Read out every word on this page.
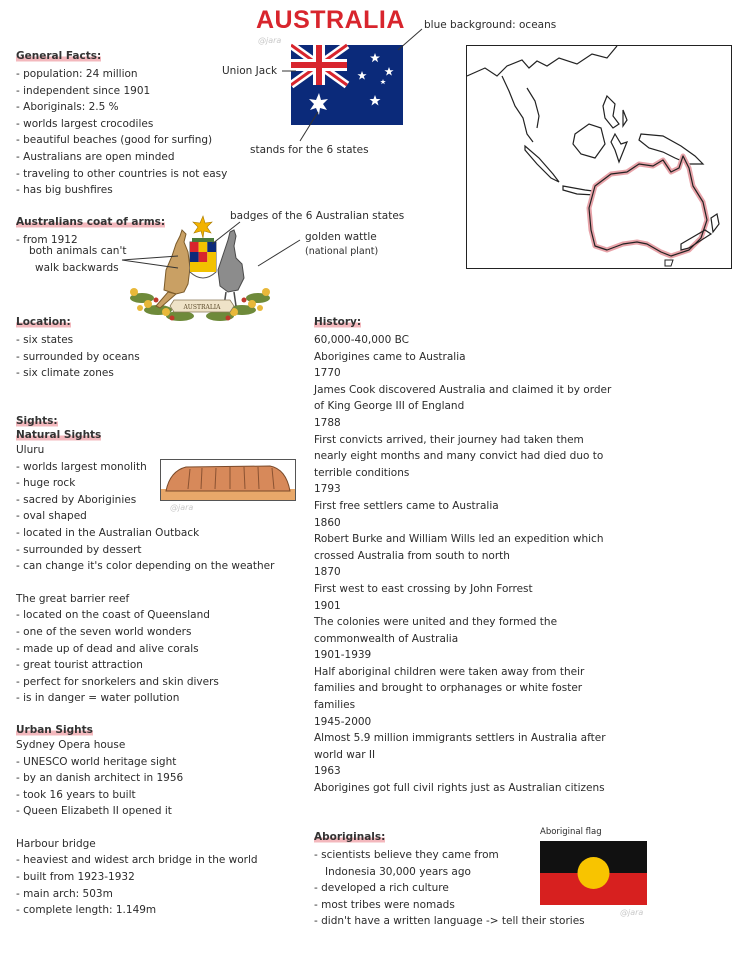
AUSTRALIA
@jara
Union Jack
blue background: oceans
stands for the 6 states
General Facts:
- population: 24 million
- independent since 1901
- Aboriginals: 2.5 %
- worlds largest crocodiles
- beautiful beaches (good for surfing)
- Australians are open minded
- traveling to other countries is not easy
- has big bushfires
Australians coat of arms:
- from 1912
both animals can't
walk backwards
badges of the 6 Australian states
golden wattle
(national plant)
AUSTRALIA
Location:
- six states
- surrounded by oceans
- six climate zones
Sights:
Natural Sights
Uluru
- worlds largest monolith
- huge rock
- sacred by Aboriginies
- oval shaped
- located in the Australian Outback
- surrounded by dessert
- can change it's color depending on the weather
The great barrier reef
- located on the coast of Queensland
- one of the seven world wonders
- made up of dead and alive corals
- great tourist attraction
- perfect for snorkelers and skin divers
- is in danger = water pollution
Urban Sights
Sydney Opera house
- UNESCO world heritage sight
- by an danish architect in 1956
- took 16 years to built
- Queen Elizabeth II opened it
Harbour bridge
- heaviest and widest arch bridge in the world
- built from 1923-1932
- main arch: 503m
- complete length: 1.149m
@jara
History:
60,000-40,000 BC
Aborigines came to Australia
1770
James Cook discovered Australia and claimed it by order of King George III of England
1788
First convicts arrived, their journey had taken them nearly eight months and many convict had died duo to terrible conditions
1793
First free settlers came to Australia
1860
Robert Burke and William Wills led an expedition which crossed Australia from south to north
1870
First west to east crossing by John Forrest
1901
The colonies were united and they formed the commonwealth of Australia
1901-1939
Half aboriginal children were taken away from their families and brought to orphanages or white foster families
1945-2000
Almost 5.9 million immigrants settlers in Australia after world war II
1963
Aborigines got full civil rights just as Australian citizens
Aboriginals:
- scientists believe they came from
Indonesia 30,000 years ago
- developed a rich culture
- most tribes were nomads
- didn't have a written language -> tell their stories
Aboriginal flag
@jara
